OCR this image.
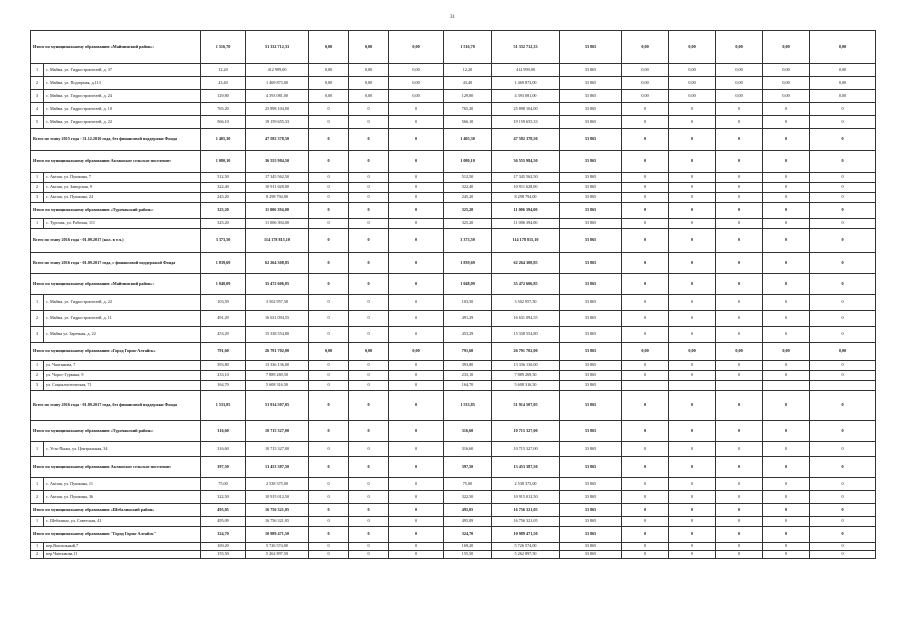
31
Итого по муниципальному образованию «Майминский район»:		1 516,70	51 332 712,33	0,00	0,00	0,00	1 516,70	51 332 712,33	33 865	0,00	0,00	0,00	0,00	0,00
1	с. Майма, ул. Гидростроителей, д. 37	12,20	412 999,00	0,00	0,00	0,00	12,20	412 999,00	33 865	0,00	0,00	0,00	0,00	0,00
2	с. Майма, ул. Подгорная, д.113	43,40	1 469 873,00	0,00	0,00	0,00	43,40	1 469 873,00	33 865	0,00	0,00	0,00	0,00	0,00
3	с. Майма, ул. Гидростроителей, д. 24	129,80	4 393 081,00	0,00	0,00	0,00	129,80	4 393 081,00	33 865	0,00	0,00	0,00	0,00	0,00
4	с. Майма, ул. Гидростроителей, д. 10	765,20	25 898 104,00	0	0	0	765,20	25 898 104,00	33 865	0	0	0	0	0
5	с. Майма, ул. Гидростроителей, д. 22	566,10	19 159 655,33	0	0	0	566,10	19 159 655,33	33 865	0	0	0	0	0
Всего по этапу 2015 года - 31.12.2016 года, без финансовой поддержки Фонда		1 405,30	47 582 378,50	0	0	0	1 405,30	47 582 378,50	33 865	0	0	0	0	0
Итого по муниципальному образованию Акташское сельское поселение:		1 080,10	36 555 984,50	0	0	0	1 080,10	36 555 984,50	33 865	0	0	0	0	0
1	с. Акташ, ул. Пушкина, 7	512,50	17 345 562,50	0	0	0	512,50	17 345 562,50	33 865	0	0	0	0	0
2	с. Акташ, ул. Заводская, 9	322,40	10 911 628,00	0	0	0	322,40	10 911 628,00	33 865	0	0	0	0	0
3	с. Акташ, ул. Пушкина, 24	245,20	8 298 794,00	0	0	0	245,20	8 298 794,00	33 865	0	0	0	0	0
Итого по муниципальному образованию «Турочакский район»:		325,20	11 006 394,00	0	0	0	325,20	11 006 394,00	33 865	0	0	0	0	0
1	с. Турочак, ул. Рабочая, 111	325,20	11 006 394,00	0	0	0	325,20	11 006 394,00	33 865	0	0	0	0	0
Всего по этапу 2016 года - 01.09.2017 (кол. в т.ч.)		3 373,50	114 178 815,10	0	0	0	3 373,50	114 178 815,10	33 865	0	0	0	0	0
Всего по этапу 2016 года - 01.09.2017 года, с финансовой поддержкой Фонда		1 839,69	62 264 308,85	0	0	0	1 839,69	62 264 308,85	33 865	0	0	0	0	0
Итого по муниципальному образованию «Майминский район»:		1 048,09	35 472 606,85	0	0	0	1 048,09	35 472 606,85	33 865	0	0	0	0	0
1	с. Майма, ул. Гидростроителей, д. 22	103,59	3 502 957,50	0	0	0	103,50	3 502 957,50	33 865	0	0	0	0	0
2	с. Майма, ул. Гидростроителей, д. 11	491,29	16 631 094,55	0	0	0	491,29	16 631 094,55	33 865	0	0	0	0	0
3	с. Майма ул. Заречная, д. 22	453,29	15 338 554,80	0	0	0	453,29	15 338 554,80	33 865	0	0	0	0	0
Итого по муниципальному образованию «Город Горно-Алтайск»		791,60	26 791 702,00	0,00	0,00	0,00	791,60	26 791 702,00	33 865	0,00	0,00	0,00	0,00	0,00
1	ул. Чаптыкова, 7	393,80	13 336 136,00	0	0	0	393,80	13 336 136,00	33 865	0	0	0	0	0
2	ул. Чорос-Гуркина, 9	233,10	7 889 269,50	0	0	0	233,10	7 889 269,50	33 865	0	0	0	0	0
3	ул. Социалистическая, 71	164,70	5 608 316,50	0	0	0	164,70	5 608 316,50	33 865					
Всего по этапу 2016 года - 01.09.2017 года, без финансовой поддержки Фонда		1 533,85	51 914 507,05	0	0	0	1 533,85	51 914 507,05	33 865	0	0	0	0	0
Итого по муниципальному образованию «Турочакский район»:		316,60	10 715 327,00	0	0	0	316,60	10 715 327,00	33 865	0	0	0	0	0
1	с. Усть-Пыжа, ул. Центральная, 34	316,60	10 715 327,00	0	0	0	316,60	10 715 327,00	33 865	0	0	0	0	0
Итого по муниципальному образованию Акташское сельское поселение:		397,50	13 453 387,50	0	0	0	397,50	13 453 387,50	33 865	0	0	0	0	0
1	с. Акташ, ул. Пушкина, 11	75,00	2 538 375,00	0	0	0	75,00	2 538 375,00	33 865	0	0	0	0	0
2	с. Акташ, ул. Пушкина, 36	322,50	10 915 012,50	0	0	0	322,50	10 915 012,50	33 865	0	0	0	0	0
Итого по муниципальному образованию «Шебалинский район»		495,05	16 756 321,05	0	0	0	495,05	16 756 321,05	33 865	0	0	0	0	0
1	с. Шебалино, ул. Советская, 41	495,09	16 756 321,05	0	0	0	495,09	16 756 321,05	33 865	0	0	0	0	0
Итого по муниципальному образованию "Город Горно-Алтайск"		324,70	10 989 471,50	0	0	0	324,70	10 989 471,50	33 865	0	0	0	0	0
1	пер.Вокзальный,7	169,20	5 726 574,00	0	0	0	169,20	5 726 574,00	33 865	0	0	0	0	0
2	пер.Чаптыкова,11	155,50	5 262 897,50	0	0	0	155,50	5 262 897,50	33 865	0	0	0	0	0
